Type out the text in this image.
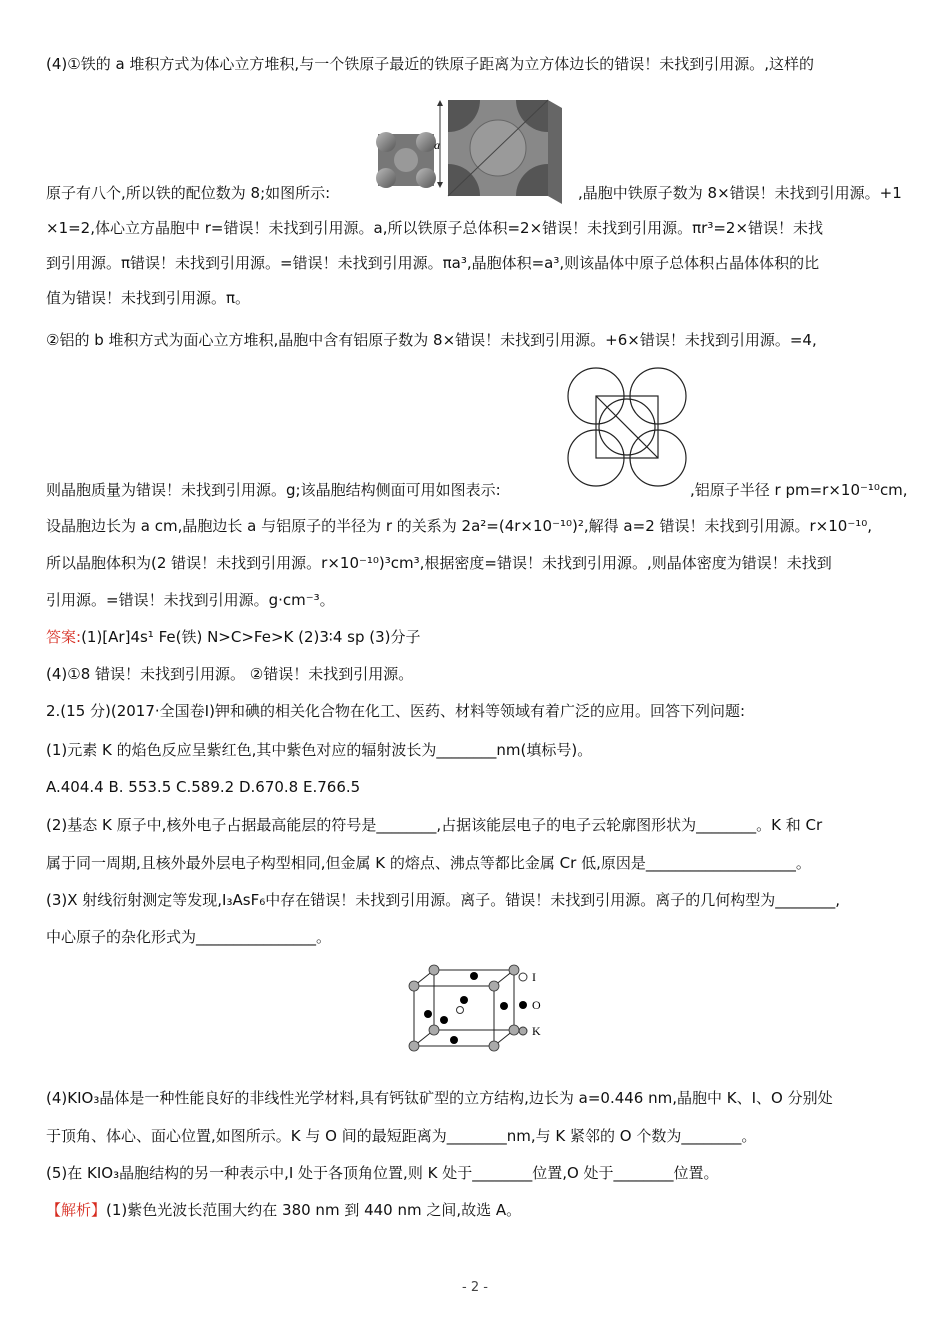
(4)①铁的 a 堆积方式为体心立方堆积,与一个铁原子最近的铁原子距离为立方体边长的错误！未找到引用源。,这样的
a
原子有八个,所以铁的配位数为 8;如图所示:	,晶胞中铁原子数为 8×错误！未找到引用源。+1
×1=2,体心立方晶胞中 r=错误！未找到引用源。a,所以铁原子总体积=2×错误！未找到引用源。πr³=2×错误！未找
到引用源。π错误！未找到引用源。=错误！未找到引用源。πa³,晶胞体积=a³,则该晶体中原子总体积占晶体体积的比
值为错误！未找到引用源。π。
②铝的 b 堆积方式为面心立方堆积,晶胞中含有铝原子数为 8×错误！未找到引用源。+6×错误！未找到引用源。=4,
则晶胞质量为错误！未找到引用源。g;该晶胞结构侧面可用如图表示:	,铝原子半径 r pm=r×10⁻¹⁰cm,
设晶胞边长为 a cm,晶胞边长 a 与铝原子的半径为 r 的关系为 2a²=(4r×10⁻¹⁰)²,解得 a=2 错误！未找到引用源。r×10⁻¹⁰,
所以晶胞体积为(2 错误！未找到引用源。r×10⁻¹⁰)³cm³,根据密度=错误！未找到引用源。,则晶体密度为错误！未找到
引用源。=错误！未找到引用源。g·cm⁻³。
答案:(1)[Ar]4s¹ Fe(铁) N>C>Fe>K (2)3∶4 sp (3)分子
(4)①8 错误！未找到引用源。 ②错误！未找到引用源。
2.(15 分)(2017·全国卷Ⅰ)钾和碘的相关化合物在化工、医药、材料等领域有着广泛的应用。回答下列问题:
(1)元素 K 的焰色反应呈紫红色,其中紫色对应的辐射波长为________nm(填标号)。
A.404.4 B. 553.5 C.589.2 D.670.8 E.766.5
(2)基态 K 原子中,核外电子占据最高能层的符号是________,占据该能层电子的电子云轮廓图形状为________。K 和 Cr
属于同一周期,且核外最外层电子构型相同,但金属 K 的熔点、沸点等都比金属 Cr 低,原因是____________________。
(3)X 射线衍射测定等发现,I₃AsF₆中存在错误！未找到引用源。离子。错误！未找到引用源。离子的几何构型为________,
中心原子的杂化形式为________________。
I
O
K
(4)KIO₃晶体是一种性能良好的非线性光学材料,具有钙钛矿型的立方结构,边长为 a=0.446 nm,晶胞中 K、I、O 分别处
于顶角、体心、面心位置,如图所示。K 与 O 间的最短距离为________nm,与 K 紧邻的 O 个数为________。
(5)在 KIO₃晶胞结构的另一种表示中,I 处于各顶角位置,则 K 处于________位置,O 处于________位置。
【解析】(1)紫色光波长范围大约在 380 nm 到 440 nm 之间,故选 A。
- 2 -
